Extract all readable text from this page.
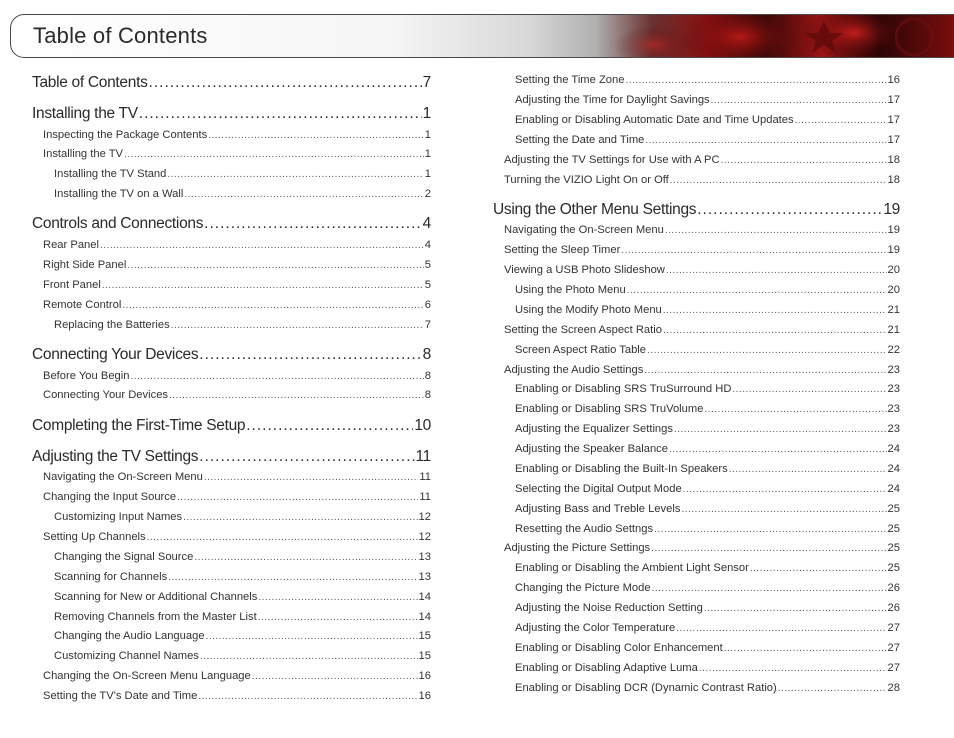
Table of Contents
Table of Contents .....	7
Installing the TV .....	1
Inspecting the Package Contents .....	1
Installing the TV .....	1
Installing the TV Stand .....	1
Installing the TV on a Wall .....	2
Controls and Connections .....	4
Rear Panel .....	4
Right Side Panel .....	5
Front Panel .....	5
Remote Control .....	6
Replacing the Batteries .....	7
Connecting Your Devices .....	8
Before You Begin .....	8
Connecting Your Devices .....	8
Completing the First-Time Setup .....	10
Adjusting the TV Settings .....	11
Navigating the On-Screen Menu .....	11
Changing the Input Source .....	11
Customizing Input Names .....	12
Setting Up Channels .....	12
Changing the Signal Source .....	13
Scanning for Channels .....	13
Scanning for New or Additional Channels .....	14
Removing Channels from the Master List .....	14
Changing the Audio Language .....	15
Customizing Channel Names .....	15
Changing the On-Screen Menu Language .....	16
Setting the TV's Date and Time .....	16
Setting the Time Zone .....	16
Adjusting the Time for Daylight Savings .....	17
Enabling or Disabling Automatic Date and Time Updates .....	17
Setting the Date and Time .....	17
Adjusting the TV Settings for Use with A PC .....	18
Turning the VIZIO Light On or Off .....	18
Using the Other Menu Settings .....	19
Navigating the On-Screen Menu .....	19
Setting the Sleep Timer .....	19
Viewing a USB Photo Slideshow .....	20
Using the Photo Menu .....	20
Using the Modify Photo Menu .....	21
Setting the Screen Aspect Ratio .....	21
Screen Aspect Ratio Table .....	22
Adjusting the Audio Settings .....	23
Enabling or Disabling SRS TruSurround HD .....	23
Enabling or Disabling SRS TruVolume .....	23
Adjusting the Equalizer Settings .....	23
Adjusting the Speaker Balance .....	24
Enabling or Disabling the Built-In Speakers .....	24
Selecting the Digital Output Mode .....	24
Adjusting Bass and Treble Levels .....	25
Resetting the Audio Settngs .....	25
Adjusting the Picture Settings .....	25
Enabling or Disabling the Ambient Light Sensor .....	25
Changing the Picture Mode .....	26
Adjusting the Noise Reduction Setting .....	26
Adjusting the Color Temperature .....	27
Enabling or Disabling Color Enhancement .....	27
Enabling or Disabling Adaptive Luma .....	27
Enabling or Disabling DCR (Dynamic Contrast Ratio) .....	28
